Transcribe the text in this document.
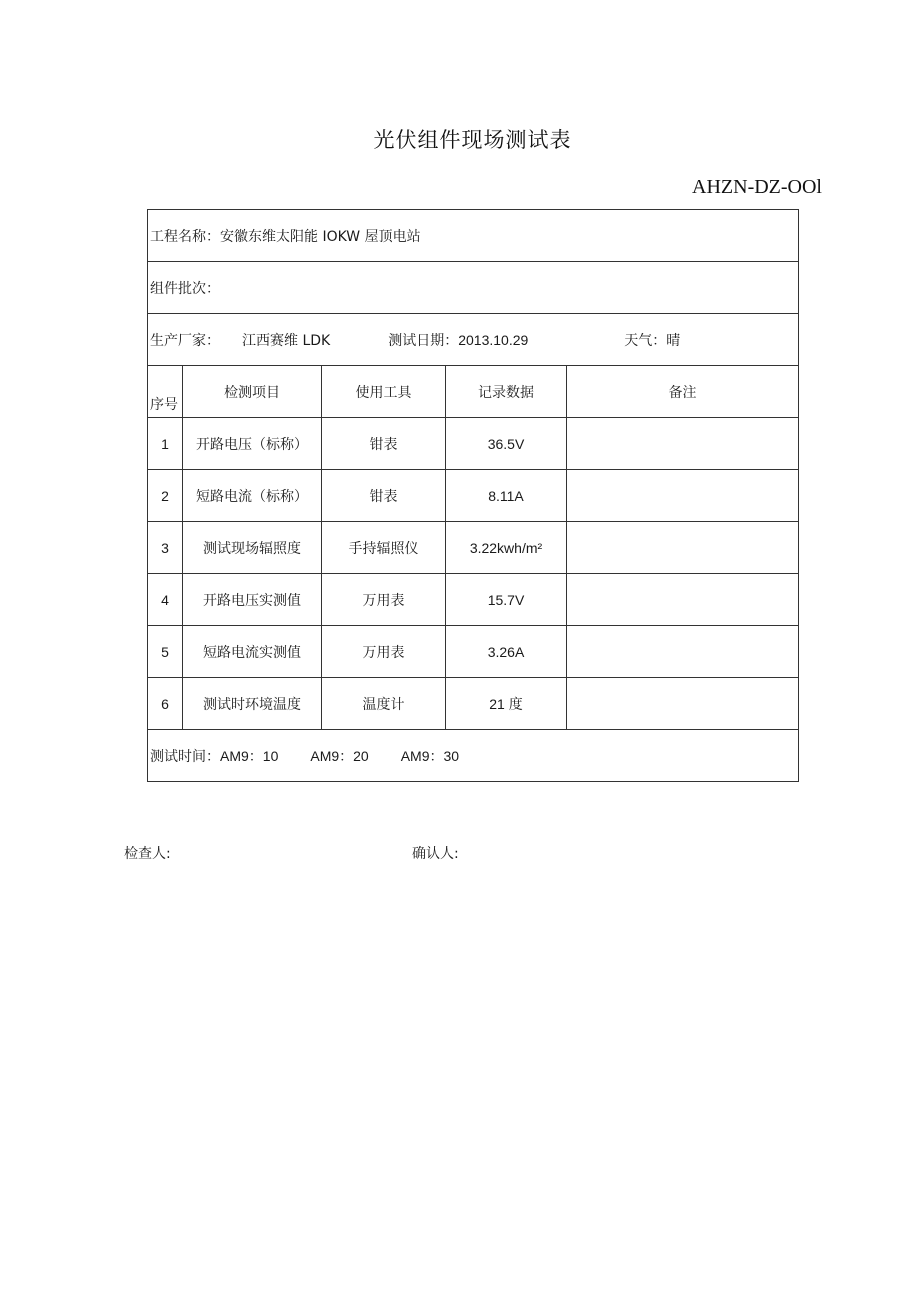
光伏组件现场测试表
AHZN-DZ-OOl
工程名称：安徽东维太阳能 IOKW 屋顶电站				
组件批次：				
生产厂家： 江西赛维 LDK 测试日期：2013.10.29 天气：晴				

序号	检测项目	使用工具	记录数据	备注
1	开路电压（标称）	钳表	36.5V	
2	短路电流（标称）	钳表	8.11A	
3	测试现场辐照度	手持辐照仪	3.22kwh/m²	
4	开路电压实测值	万用表	15.7V	
5	短路电流实测值	万用表	3.26A	
6	测试时环境温度	温度计	21 度	
测试时间：AM9：10 AM9：20 AM9：30				
检查人:	确认人:
